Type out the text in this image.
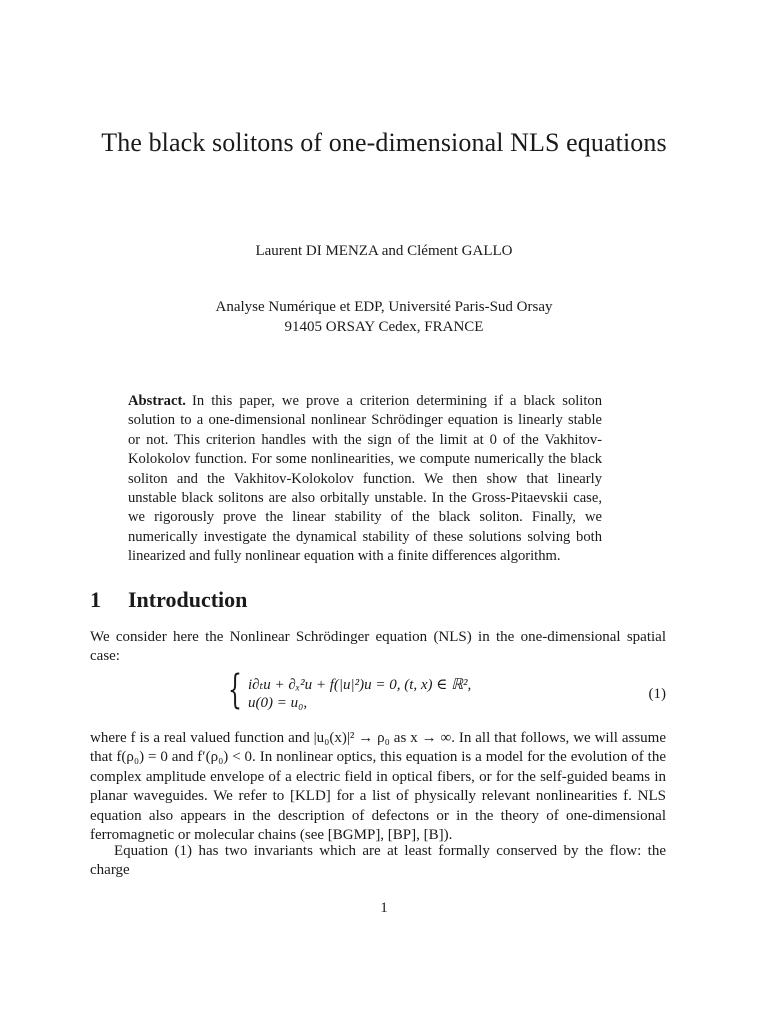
The black solitons of one-dimensional NLS equations
Laurent DI MENZA and Clément GALLO
Analyse Numérique et EDP, Université Paris-Sud Orsay
91405 ORSAY Cedex, FRANCE
Abstract. In this paper, we prove a criterion determining if a black soliton solution to a one-dimensional nonlinear Schrödinger equation is linearly stable or not. This criterion handles with the sign of the limit at 0 of the Vakhitov-Kolokolov function. For some nonlinearities, we compute numerically the black soliton and the Vakhitov-Kolokolov function. We then show that linearly unstable black solitons are also orbitally unstable. In the Gross-Pitaevskii case, we rigorously prove the linear stability of the black soliton. Finally, we numerically investigate the dynamical stability of these solutions solving both linearized and fully nonlinear equation with a finite differences algorithm.
1 Introduction
We consider here the Nonlinear Schrödinger equation (NLS) in the one-dimensional spatial case:
{ i∂ₜu + ∂ₓ²u + f(|u|²)u = 0, (t, x) ∈ ℝ²,
u(0) = u₀,
(1)
where f is a real valued function and |u₀(x)|² → ρ₀ as x → ∞. In all that follows, we will assume that f(ρ₀) = 0 and f′(ρ₀) < 0. In nonlinear optics, this equation is a model for the evolution of the complex amplitude envelope of a electric field in optical fibers, or for the self-guided beams in planar waveguides. We refer to [KLD] for a list of physically relevant nonlinearities f. NLS equation also appears in the description of defectons or in the theory of one-dimensional ferromagnetic or molecular chains (see [BGMP], [BP], [B]).
Equation (1) has two invariants which are at least formally conserved by the flow: the charge
1
